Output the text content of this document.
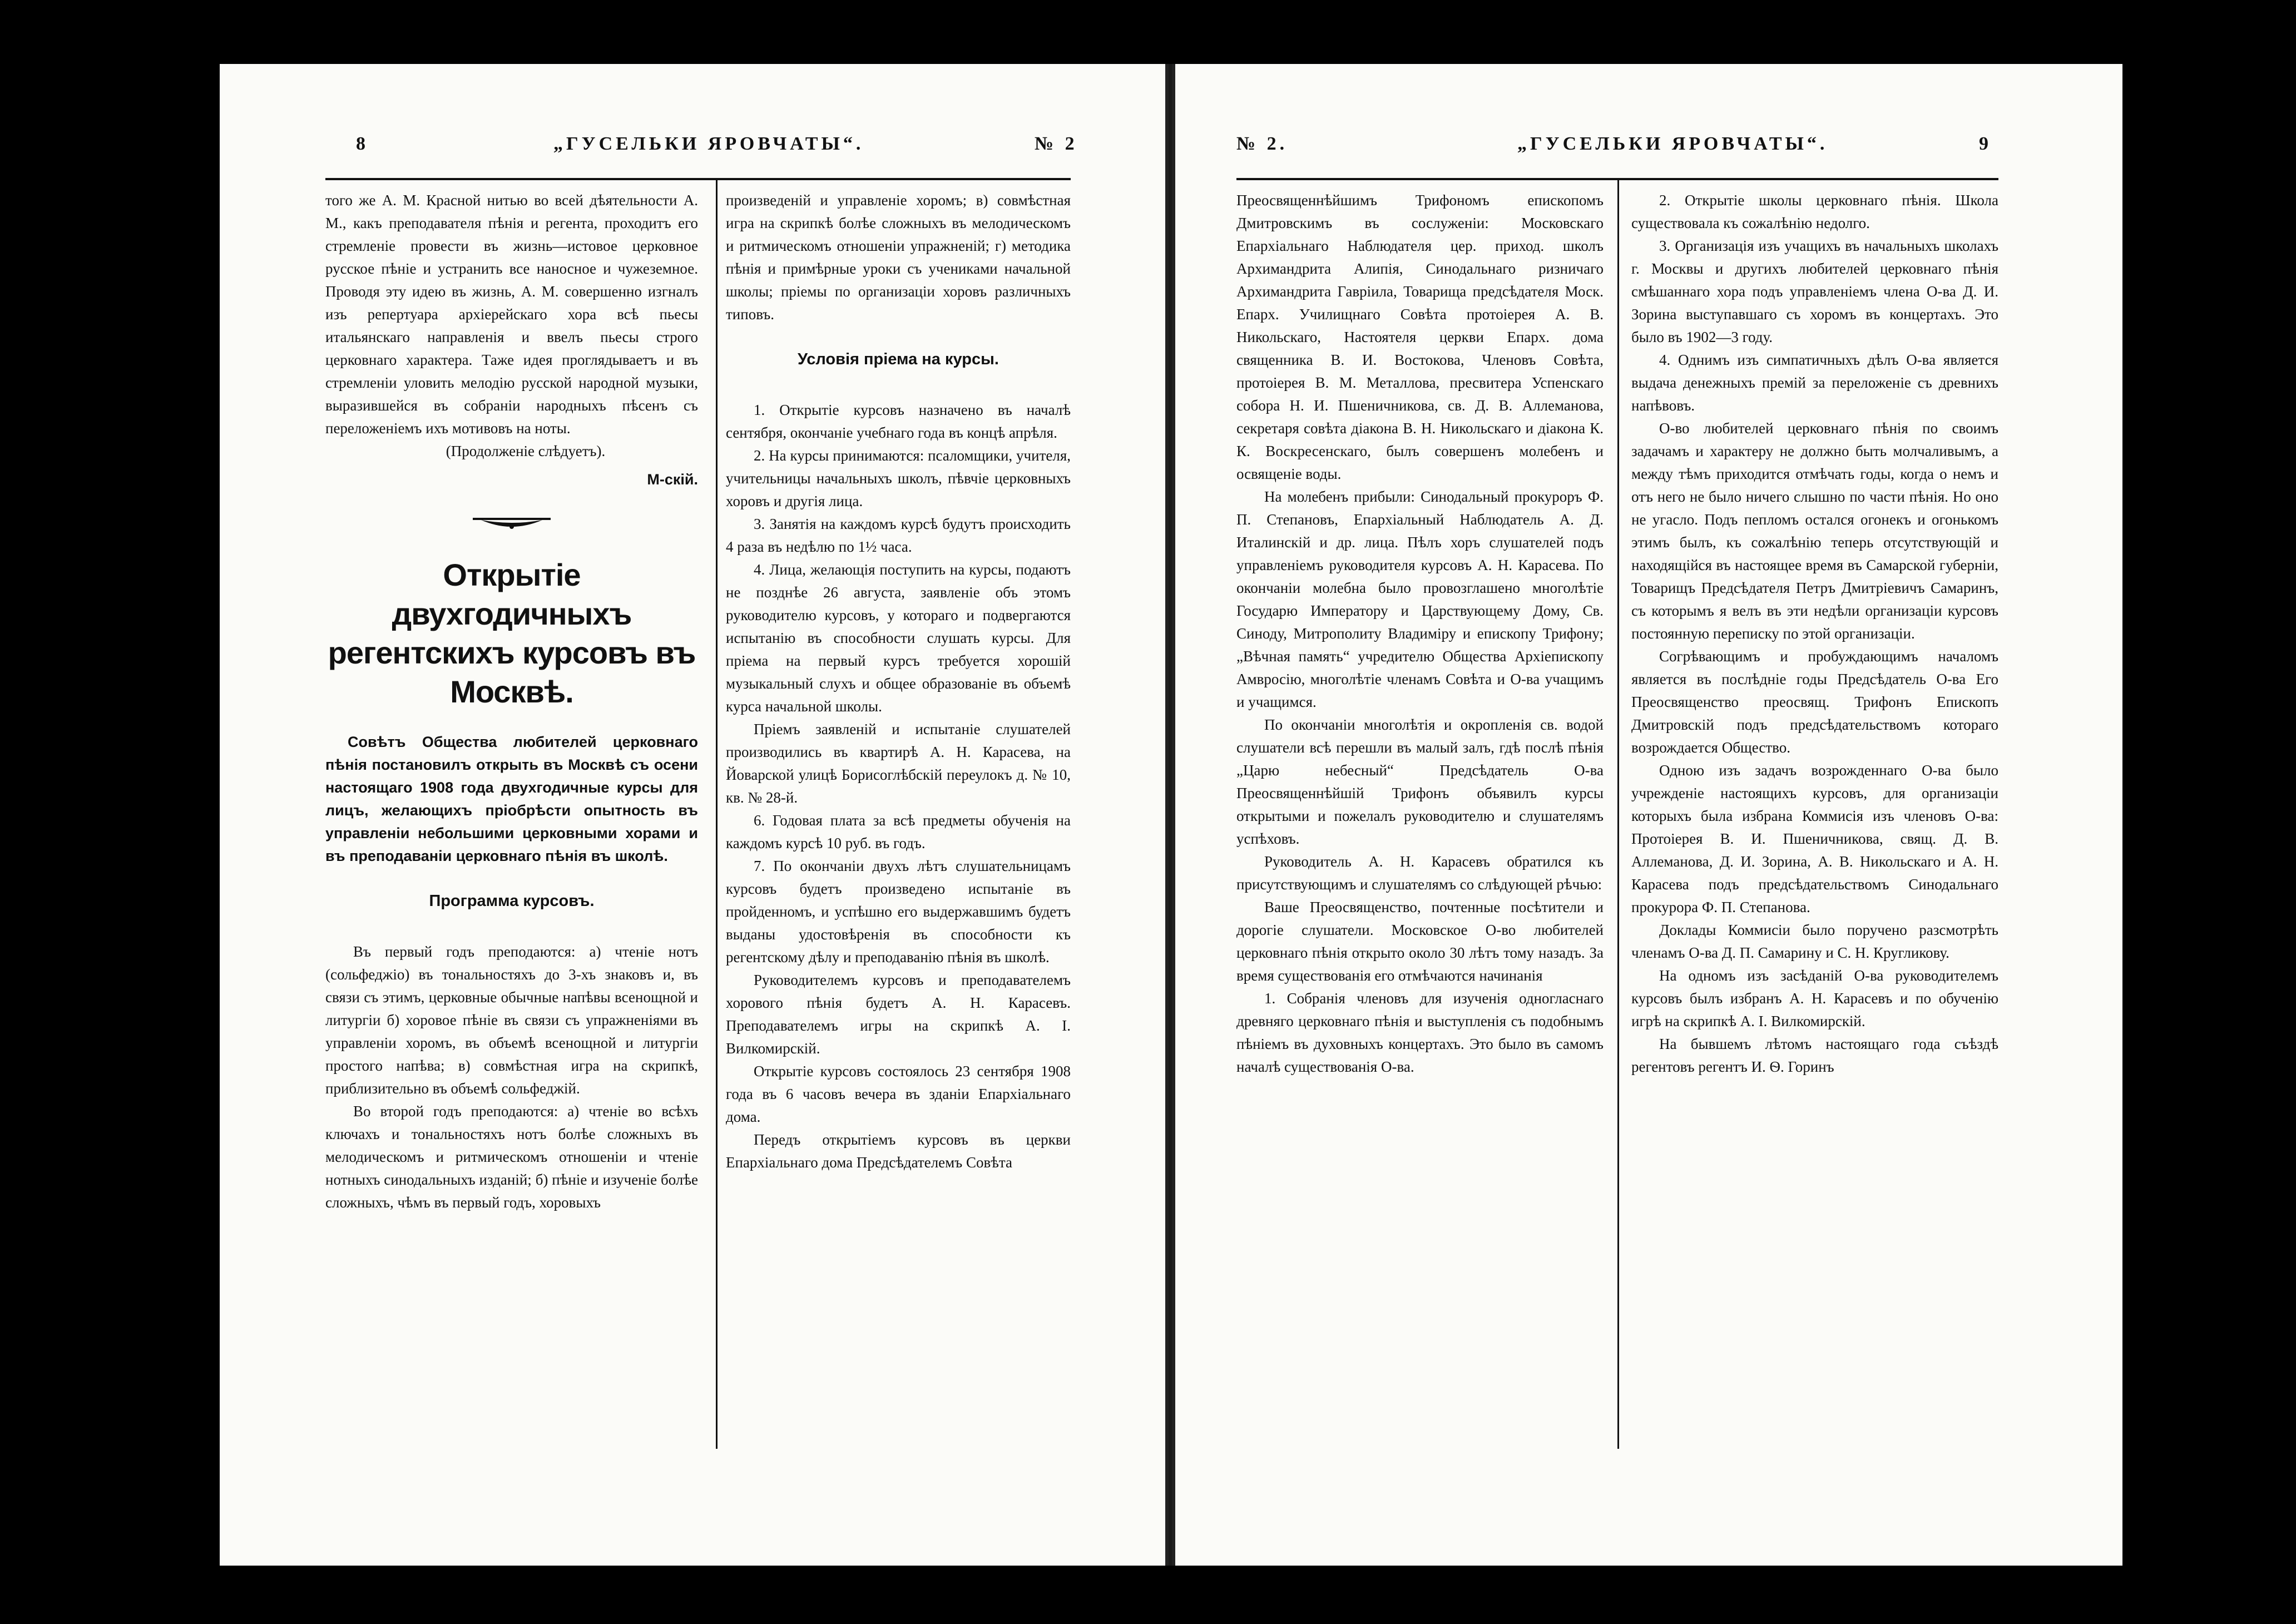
8	„ГУСЕЛЬКИ ЯРОВЧАТЫ“.	№ 2

того же А. М. Красной нитью во всей дѣятельности А. М., какъ преподавателя пѣнія и регента, проходитъ его стремленіе провести въ жизнь—истовое церковное русское пѣніе и устранить все наносное и чужеземное. Проводя эту идею въ жизнь, А. М. совершенно изгналъ изъ репертуара архіерейскаго хора всѣ пьесы итальянскаго направленія и ввелъ пьесы строго церковнаго характера. Таже идея проглядываетъ и въ стремленіи уловить мелодію русской народной музыки, выразившейся въ собраніи народныхъ пѣсенъ съ переложеніемъ ихъ мотивовъ на ноты.

(Продолженіе слѣдуетъ).

М-скій.
Открытіе двухгодичныхъ регентскихъ курсовъ въ Москвѣ.
Совѣтъ Общества любителей церковнаго пѣнія постановилъ открыть въ Москвѣ съ осени настоящаго 1908 года двухгодичные курсы для лицъ, желающихъ пріобрѣсти опытность въ управленіи небольшими церковными хорами и въ преподаваніи церковнаго пѣнія въ школѣ.
Программа курсовъ.

Въ первый годъ преподаются: а) чтеніе нотъ (сольфеджіо) въ тональностяхъ до 3-хъ знаковъ и, въ связи съ этимъ, церковные обычные напѣвы всенощной и литургіи б) хоровое пѣніе въ связи съ упражненіями въ управленіи хоромъ, въ объемѣ всенощной и литургіи простого напѣва; в) совмѣстная игра на скрипкѣ, приблизительно въ объемѣ сольфеджій.

Во второй годъ преподаются: а) чтеніе во всѣхъ ключахъ и тональностяхъ нотъ болѣе сложныхъ въ мелодическомъ и ритмическомъ отношеніи и чтеніе нотныхъ синодальныхъ изданій; б) пѣніе и изученіе болѣе сложныхъ, чѣмъ въ первый годъ, хоровыхъ

произведеній и управленіе хоромъ; в) совмѣстная игра на скрипкѣ болѣе сложныхъ въ мелодическомъ и ритмическомъ отношеніи упражненій; г) методика пѣнія и примѣрные уроки съ учениками начальной школы; пріемы по организаціи хоровъ различныхъ типовъ.

Условія пріема на курсы.

1. Открытіе курсовъ назначено въ началѣ сентября, окончаніе учебнаго года въ концѣ апрѣля.

2. На курсы принимаются: псаломщики, учителя, учительницы начальныхъ школъ, пѣвчіе церковныхъ хоровъ и другія лица.

3. Занятія на каждомъ курсѣ будутъ происходить 4 раза въ недѣлю по 1½ часа.

4. Лица, желающія поступить на курсы, подаютъ не позднѣе 26 августа, заявленіе объ этомъ руководителю курсовъ, у котораго и подвергаются испытанію въ способности слушать курсы. Для пріема на первый курсъ требуется хорошій музыкальный слухъ и общее образованіе въ объемѣ курса начальной школы.

Пріемъ заявленій и испытаніе слушателей производились въ квартирѣ А. Н. Карасева, на Йоварской улицѣ Борисоглѣбскій переулокъ д. № 10, кв. № 28-й.

6. Годовая плата за всѣ предметы обученія на каждомъ курсѣ 10 руб. въ годъ.

7. По окончаніи двухъ лѣтъ слушательницамъ курсовъ будетъ произведено испытаніе въ пройденномъ, и успѣшно его выдержавшимъ будетъ выданы удостовѣренія въ способности къ регентскому дѣлу и преподаванію пѣнія въ школѣ.

Руководителемъ курсовъ и преподавателемъ хорового пѣнія будетъ А. Н. Карасевъ. Преподавателемъ игры на скрипкѣ А. І. Вилкомирскій.

Открытіе курсовъ состоялось 23 сентября 1908 года въ 6 часовъ вечера въ зданіи Епархіальнаго дома.

Передъ открытіемъ курсовъ въ церкви Епархіальнаго дома Предсѣдателемъ Совѣта

№ 2.	„ГУСЕЛЬКИ ЯРОВЧАТЫ“.	9

Преосвященнѣйшимъ Трифономъ епископомъ Дмитровскимъ въ сослуженіи: Московскаго Епархіальнаго Наблюдателя цер. приход. школъ Архимандрита Алипія, Синодальнаго ризничаго Архимандрита Гавріила, Товарища предсѣдателя Моск. Епарх. Училищнаго Совѣта протоіерея А. В. Никольскаго, Настоятеля церкви Епарх. дома священника В. И. Востокова, Членовъ Совѣта, протоіерея В. М. Металлова, пресвитера Успенскаго собора Н. И. Пшеничникова, св. Д. В. Аллеманова, секретаря совѣта діакона В. Н. Никольскаго и діакона К. К. Воскресенскаго, былъ совершенъ молебенъ и освященіе воды.

На молебенъ прибыли: Синодальный прокуроръ Ф. П. Степановъ, Епархіальный Наблюдатель А. Д. Италинскій и др. лица. Пѣлъ хоръ слушателей подъ управленіемъ руководителя курсовъ А. Н. Карасева. По окончаніи молебна было провозглашено многолѣтіе Государю Императору и Царствующему Дому, Св. Синоду, Митрополиту Владиміру и епископу Трифону; „Вѣчная память“ учредителю Общества Архіепископу Амвросію, многолѣтіе членамъ Совѣта и О-ва учащимъ и учащимся.

По окончаніи многолѣтія и окропленія св. водой слушатели всѣ перешли въ малый залъ, гдѣ послѣ пѣнія „Царю небесный“ Предсѣдатель О-ва Преосвященнѣйшій Трифонъ объявилъ курсы открытыми и пожелалъ руководителю и слушателямъ успѣховъ.

Руководитель А. Н. Карасевъ обратился къ присутствующимъ и слушателямъ со слѣдующей рѣчью:

Ваше Преосвященство, почтенные посѣтители и дорогіе слушатели. Московское О-во любителей церковнаго пѣнія открыто около 30 лѣтъ тому назадъ. За время существованія его отмѣчаются начинанія

1. Собранія членовъ для изученія одногласнаго древняго церковнаго пѣнія и выступленія съ подобнымъ пѣніемъ въ духовныхъ концертахъ. Это было въ самомъ началѣ существованія О-ва.

2. Открытіе школы церковнаго пѣнія. Школа существовала къ сожалѣнію недолго.

3. Организація изъ учащихъ въ начальныхъ школахъ г. Москвы и другихъ любителей церковнаго пѣнія смѣшаннаго хора подъ управленіемъ члена О-ва Д. И. Зорина выступавшаго съ хоромъ въ концертахъ. Это было въ 1902—3 году.

4. Однимъ изъ симпатичныхъ дѣлъ О-ва является выдача денежныхъ премій за переложеніе съ древнихъ напѣвовъ.

О-во любителей церковнаго пѣнія по своимъ задачамъ и характеру не должно быть молчаливымъ, а между тѣмъ приходится отмѣчать годы, когда о немъ и отъ него не было ничего слышно по части пѣнія. Но оно не угасло. Подъ пепломъ остался огонекъ и огонькомъ этимъ былъ, къ сожалѣнію теперь отсутствующій и находящійся въ настоящее время въ Самарской губерніи, Товарищъ Предсѣдателя Петръ Дмитріевичъ Самаринъ, съ которымъ я велъ въ эти недѣли организаціи курсовъ постоянную переписку по этой организаціи.

Согрѣвающимъ и пробуждающимъ началомъ является въ послѣдніе годы Предсѣдатель О-ва Его Преосвященство преосвящ. Трифонъ Епископъ Дмитровскій подъ предсѣдательствомъ котораго возрождается Общество.

Одною изъ задачъ возрожденнаго О-ва было учрежденіе настоящихъ курсовъ, для организаціи которыхъ была избрана Коммисія изъ членовъ О-ва: Протоіерея В. И. Пшеничникова, свящ. Д. В. Аллеманова, Д. И. Зорина, А. В. Никольскаго и А. Н. Карасева подъ предсѣдательствомъ Синодальнаго прокурора Ф. П. Степанова.

Доклады Коммисіи было поручено разсмотрѣть членамъ О-ва Д. П. Самарину и С. Н. Кругликову.

На одномъ изъ засѣданій О-ва руководителемъ курсовъ былъ избранъ А. Н. Карасевъ и по обученію игрѣ на скрипкѣ А. І. Вилкомирскій.

На бывшемъ лѣтомъ настоящаго года съѣздѣ регентовъ регентъ И. Ѳ. Горинъ
